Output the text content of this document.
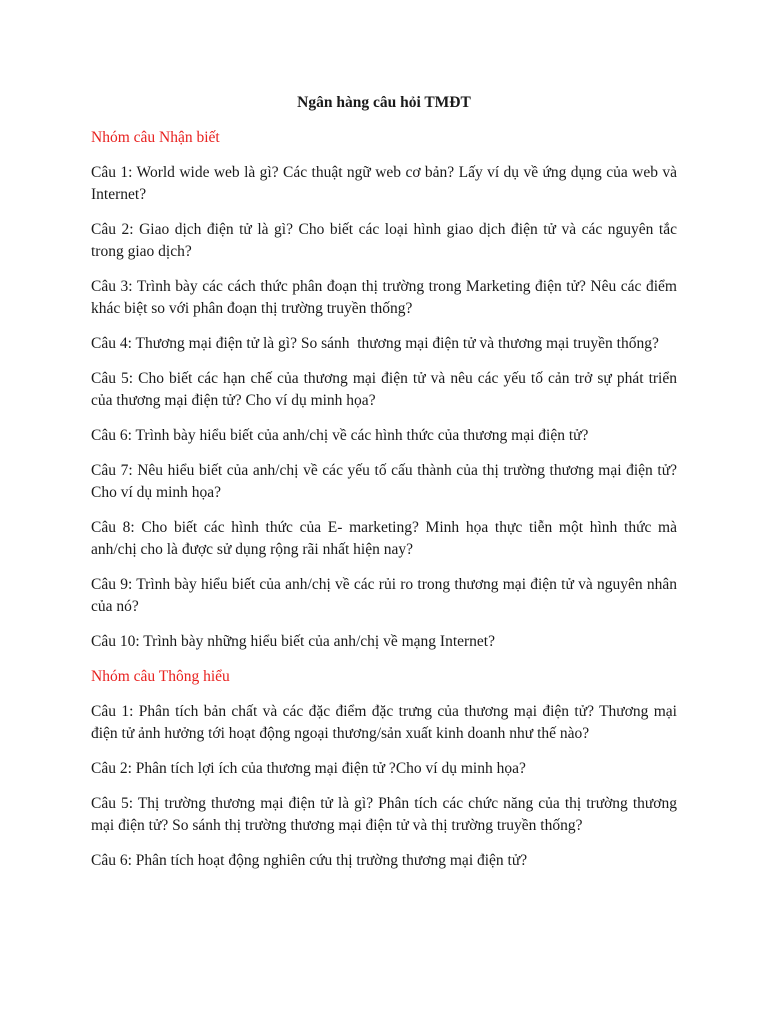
Ngân hàng câu hỏi TMĐT
Nhóm câu Nhận biết

Câu 1: World wide web là gì? Các thuật ngữ web cơ bản? Lấy ví dụ về ứng dụng của web và Internet?

Câu 2: Giao dịch điện tử là gì? Cho biết các loại hình giao dịch điện tử và các nguyên tắc trong giao dịch?

Câu 3: Trình bày các cách thức phân đoạn thị trường trong Marketing điện tử? Nêu các điểm khác biệt so với phân đoạn thị trường truyền thống?

Câu 4: Thương mại điện tử là gì? So sánh  thương mại điện tử và thương mại truyền thống?

Câu 5: Cho biết các hạn chế của thương mại điện tử và nêu các yếu tố cản trở sự phát triển của thương mại điện tử? Cho ví dụ minh họa?

Câu 6: Trình bày hiểu biết của anh/chị về các hình thức của thương mại điện tử?

Câu 7: Nêu hiểu biết của anh/chị về các yếu tố cấu thành của thị trường thương mại điện tử? Cho ví dụ minh họa?

Câu 8: Cho biết các hình thức của E- marketing? Minh họa thực tiễn một hình thức mà anh/chị cho là được sử dụng rộng rãi nhất hiện nay?

Câu 9: Trình bày hiểu biết của anh/chị về các rủi ro trong thương mại điện tử và nguyên nhân của nó?

Câu 10: Trình bày những hiểu biết của anh/chị về mạng Internet?

Nhóm câu Thông hiểu

Câu 1: Phân tích bản chất và các đặc điểm đặc trưng của thương mại điện tử? Thương mại điện tử ảnh hưởng tới hoạt động ngoại thương/sản xuất kinh doanh như thế nào?

Câu 2: Phân tích lợi ích của thương mại điện tử ?Cho ví dụ minh họa?

Câu 5: Thị trường thương mại điện tử là gì? Phân tích các chức năng của thị trường thương mại điện tử? So sánh thị trường thương mại điện tử và thị trường truyền thống?

Câu 6: Phân tích hoạt động nghiên cứu thị trường thương mại điện tử?
